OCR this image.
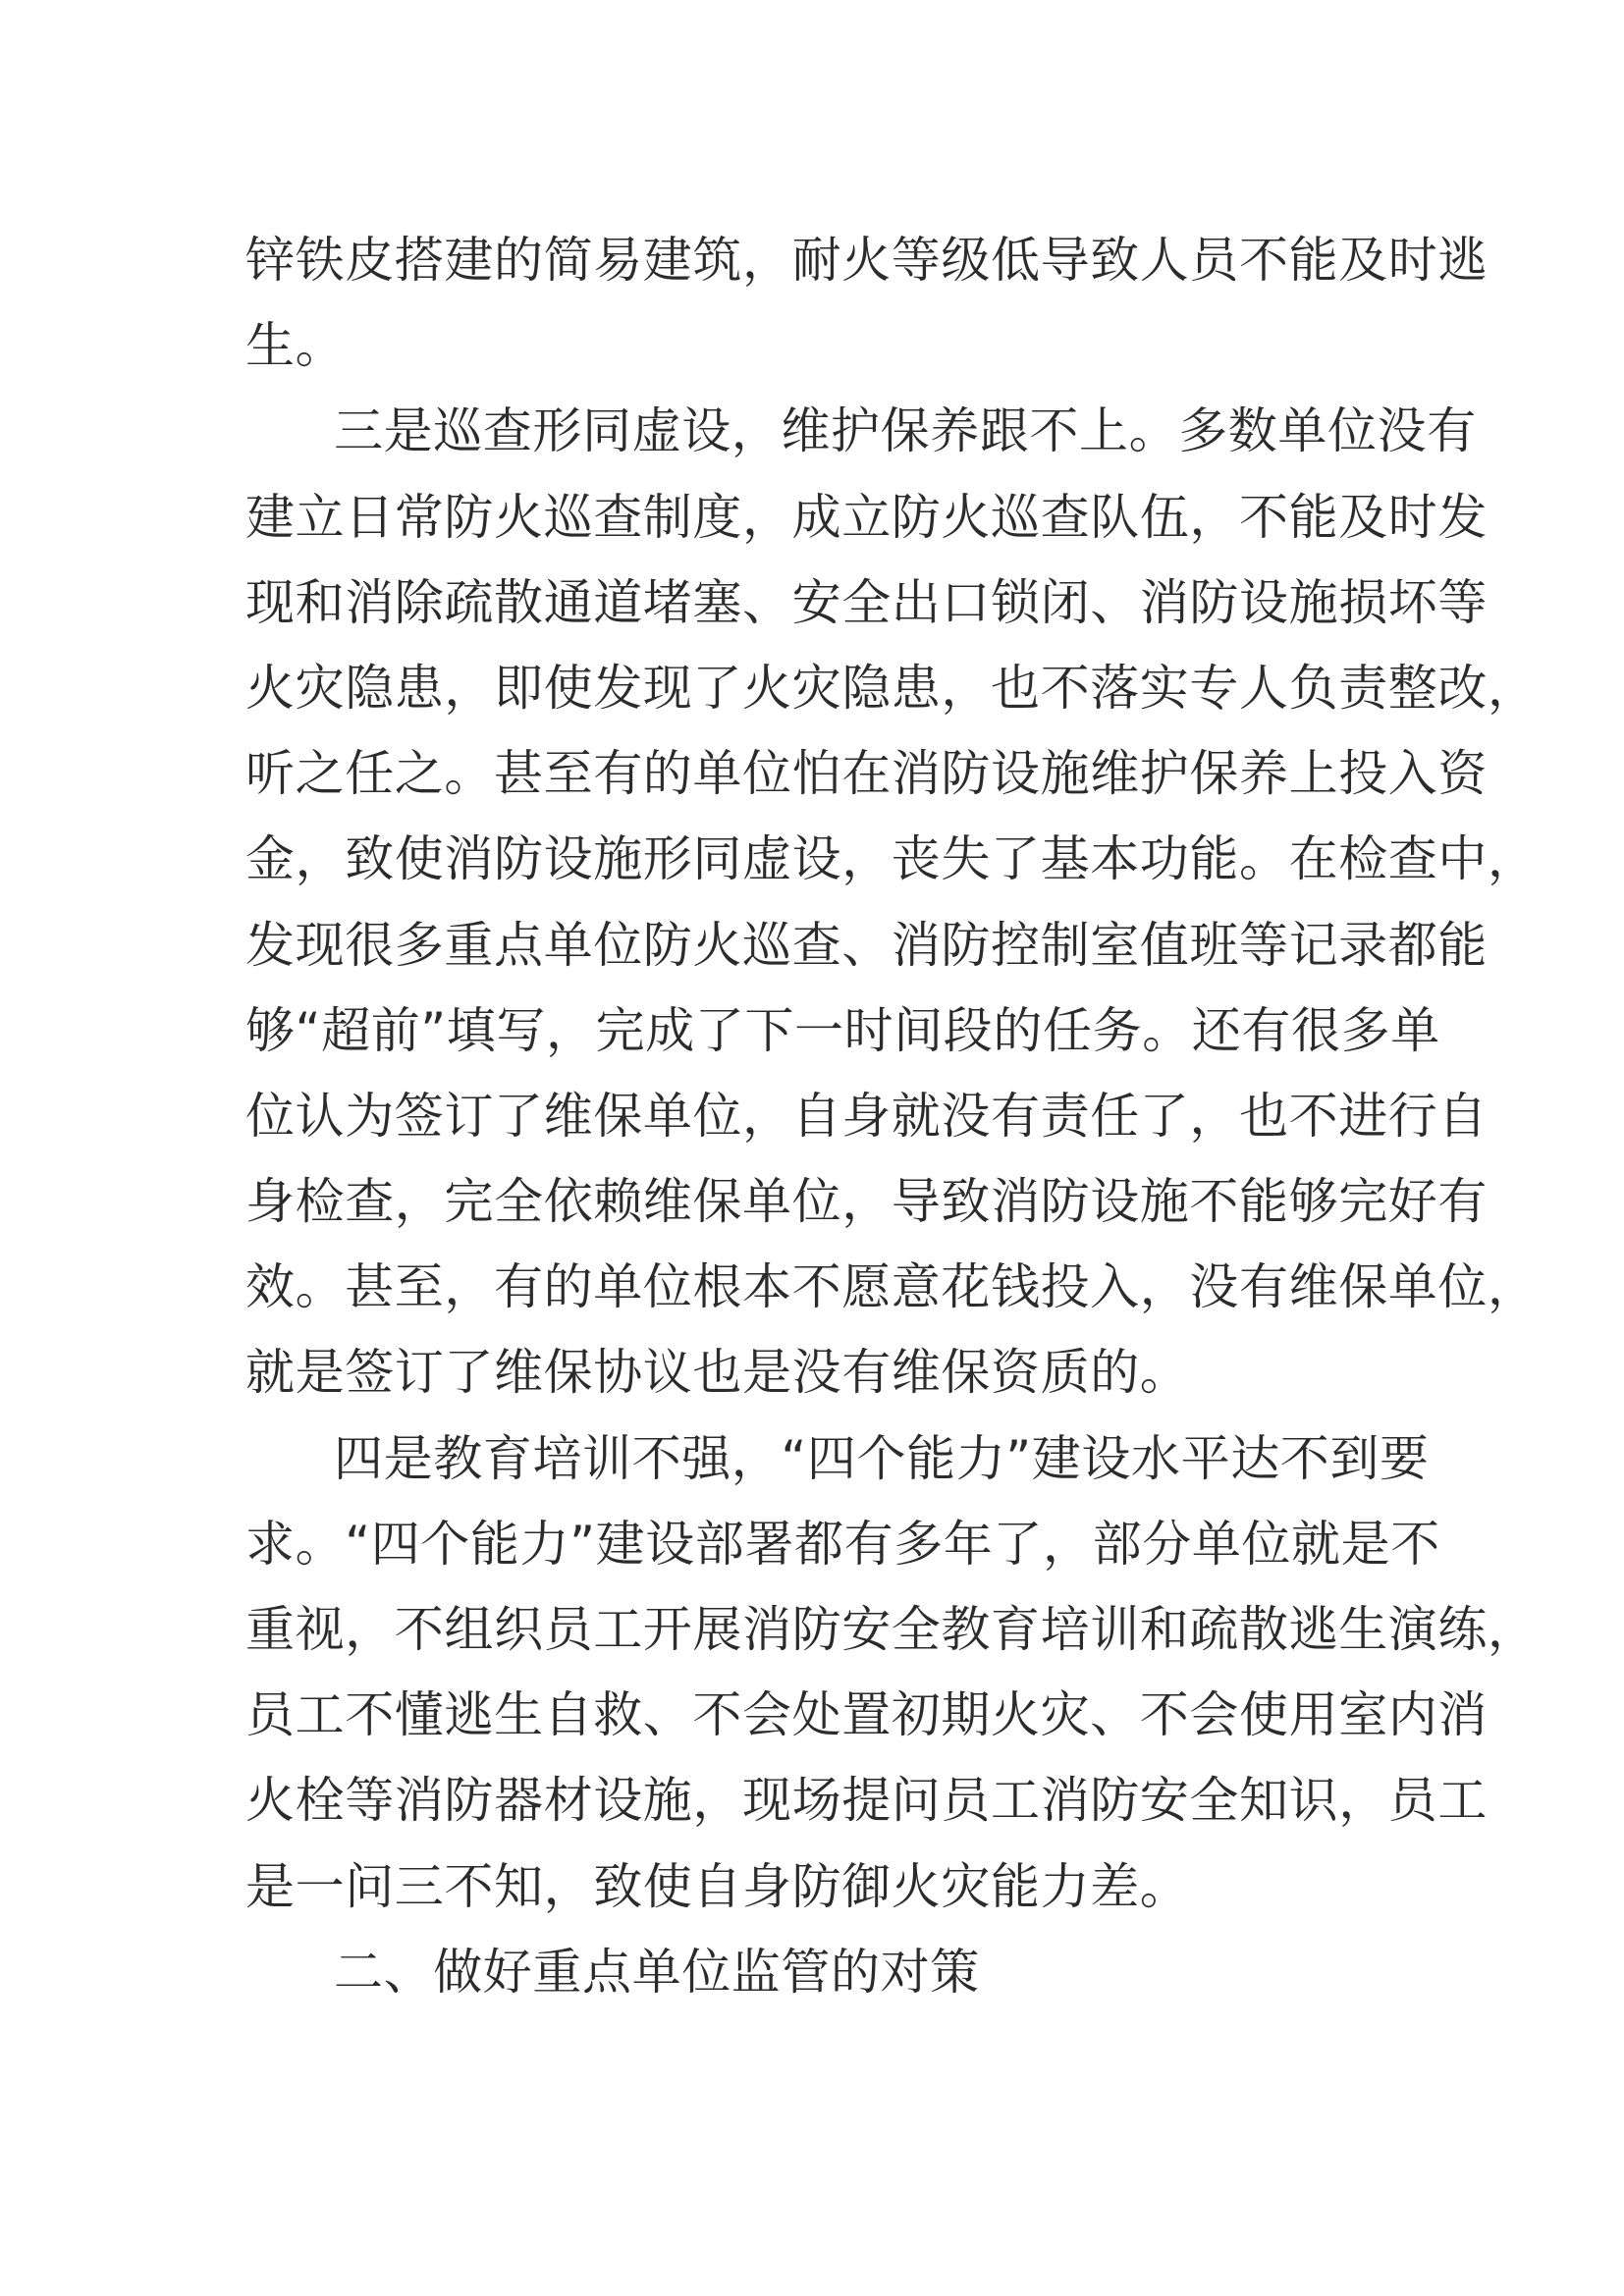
锌铁皮搭建的简易建筑，耐火等级低导致人员不能及时逃
生。
三是巡查形同虚设，维护保养跟不上。多数单位没有
建立日常防火巡查制度，成立防火巡查队伍，不能及时发
现和消除疏散通道堵塞、安全出口锁闭、消防设施损坏等
火灾隐患，即使发现了火灾隐患，也不落实专人负责整改，
听之任之。甚至有的单位怕在消防设施维护保养上投入资
金，致使消防设施形同虚设，丧失了基本功能。在检查中，
发现很多重点单位防火巡查、消防控制室值班等记录都能
够“超前”填写，完成了下一时间段的任务。还有很多单
位认为签订了维保单位，自身就没有责任了，也不进行自
身检查，完全依赖维保单位，导致消防设施不能够完好有
效。甚至，有的单位根本不愿意花钱投入，没有维保单位，
就是签订了维保协议也是没有维保资质的。
四是教育培训不强，“四个能力”建设水平达不到要
求。“四个能力”建设部署都有多年了，部分单位就是不
重视，不组织员工开展消防安全教育培训和疏散逃生演练，
员工不懂逃生自救、不会处置初期火灾、不会使用室内消
火栓等消防器材设施，现场提问员工消防安全知识，员工
是一问三不知，致使自身防御火灾能力差。
二、做好重点单位监管的对策
